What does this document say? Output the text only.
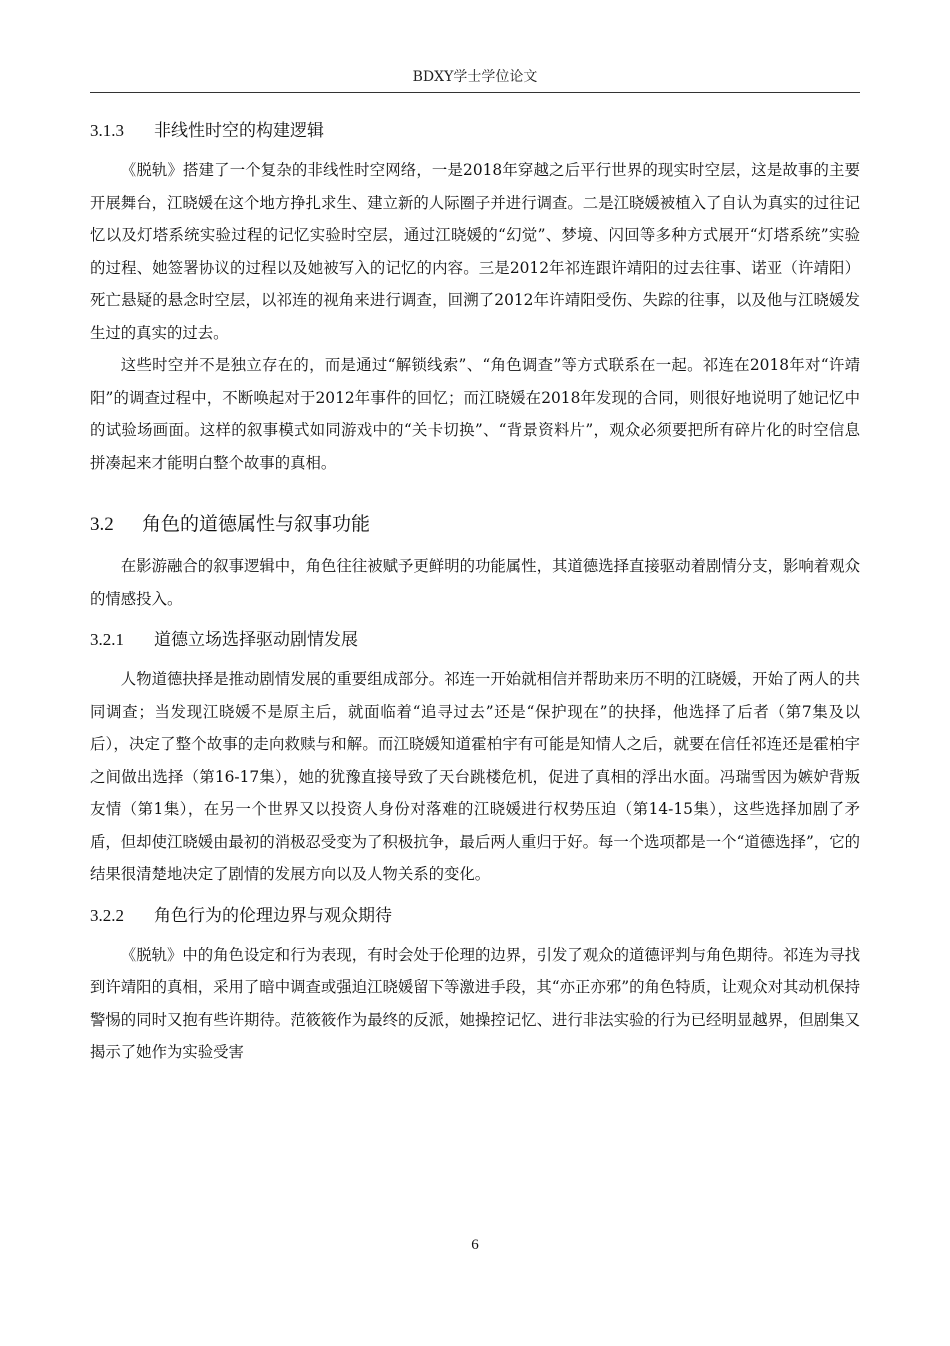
BDXY学士学位论文
3.1.3 非线性时空的构建逻辑

《脱轨》搭建了一个复杂的非线性时空网络，一是2018年穿越之后平行世界的现实时空层，这是故事的主要开展舞台，江晓媛在这个地方挣扎求生、建立新的人际圈子并进行调查。二是江晓媛被植入了自认为真实的过往记忆以及灯塔系统实验过程的记忆实验时空层，通过江晓媛的“幻觉”、梦境、闪回等多种方式展开“灯塔系统”实验的过程、她签署协议的过程以及她被写入的记忆的内容。三是2012年祁连跟许靖阳的过去往事、诺亚（许靖阳）死亡悬疑的悬念时空层，以祁连的视角来进行调查，回溯了2012年许靖阳受伤、失踪的往事，以及他与江晓媛发生过的真实的过去。

这些时空并不是独立存在的，而是通过“解锁线索”、“角色调查”等方式联系在一起。祁连在2018年对“许靖阳”的调查过程中，不断唤起对于2012年事件的回忆；而江晓媛在2018年发现的合同，则很好地说明了她记忆中的试验场画面。这样的叙事模式如同游戏中的“关卡切换”、“背景资料片”，观众必须要把所有碎片化的时空信息拼凑起来才能明白整个故事的真相。

3.2 角色的道德属性与叙事功能

在影游融合的叙事逻辑中，角色往往被赋予更鲜明的功能属性，其道德选择直接驱动着剧情分支，影响着观众的情感投入。

3.2.1 道德立场选择驱动剧情发展

人物道德抉择是推动剧情发展的重要组成部分。祁连一开始就相信并帮助来历不明的江晓媛，开始了两人的共同调查；当发现江晓媛不是原主后，就面临着“追寻过去”还是“保护现在”的抉择，他选择了后者（第7集及以后），决定了整个故事的走向救赎与和解。而江晓媛知道霍柏宇有可能是知情人之后，就要在信任祁连还是霍柏宇之间做出选择（第16-17集），她的犹豫直接导致了天台跳楼危机，促进了真相的浮出水面。冯瑞雪因为嫉妒背叛友情（第1集），在另一个世界又以投资人身份对落难的江晓媛进行权势压迫（第14-15集），这些选择加剧了矛盾，但却使江晓媛由最初的消极忍受变为了积极抗争，最后两人重归于好。每一个选项都是一个“道德选择”，它的结果很清楚地决定了剧情的发展方向以及人物关系的变化。

3.2.2 角色行为的伦理边界与观众期待

《脱轨》中的角色设定和行为表现，有时会处于伦理的边界，引发了观众的道德评判与角色期待。祁连为寻找到许靖阳的真相，采用了暗中调查或强迫江晓媛留下等激进手段，其“亦正亦邪”的角色特质，让观众对其动机保持警惕的同时又抱有些许期待。范筱筱作为最终的反派，她操控记忆、进行非法实验的行为已经明显越界，但剧集又揭示了她作为实验受害

6
